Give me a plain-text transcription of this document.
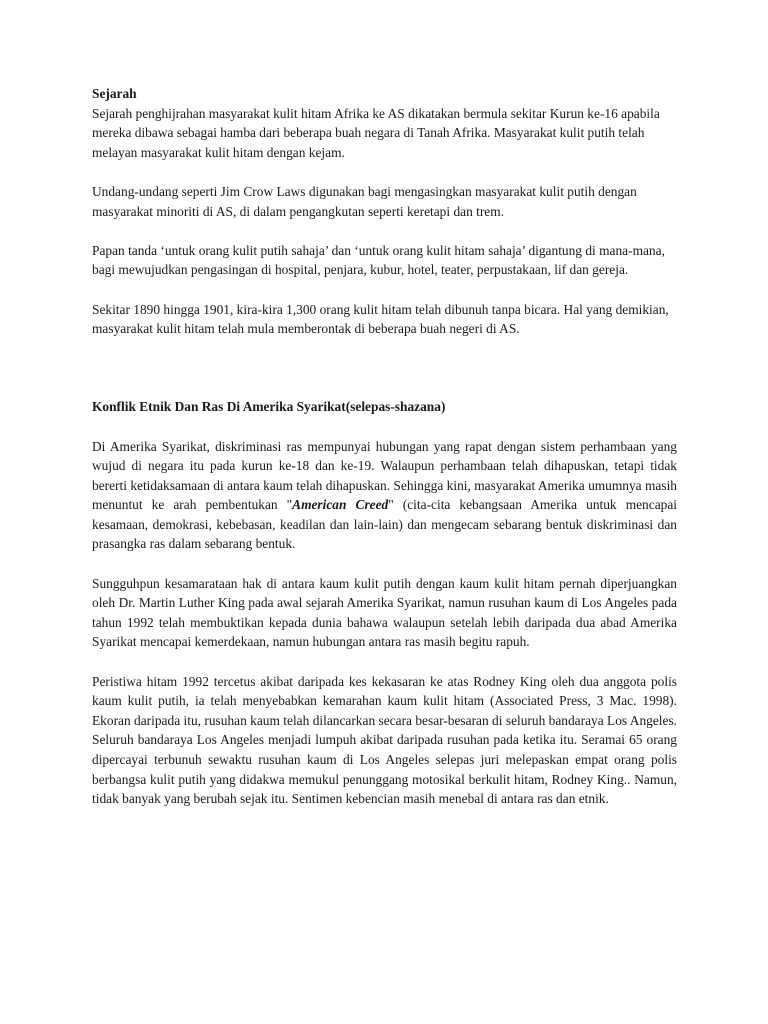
Sejarah

Sejarah penghijrahan masyarakat kulit hitam Afrika ke AS dikatakan bermula sekitar Kurun ke-16 apabila mereka dibawa sebagai hamba dari beberapa buah negara di Tanah Afrika. Masyarakat kulit putih telah melayan masyarakat kulit hitam dengan kejam.

Undang-undang seperti Jim Crow Laws digunakan bagi mengasingkan masyarakat kulit putih dengan masyarakat minoriti di AS, di dalam pengangkutan seperti keretapi dan trem.

Papan tanda ‘untuk orang kulit putih sahaja’ dan ‘untuk orang kulit hitam sahaja’ digantung di mana-mana, bagi mewujudkan pengasingan di hospital, penjara, kubur, hotel, teater, perpustakaan, lif dan gereja.

Sekitar 1890 hingga 1901, kira-kira 1,300 orang kulit hitam telah dibunuh tanpa bicara. Hal yang demikian, masyarakat kulit hitam telah mula memberontak di beberapa buah negeri di AS.

Konflik Etnik Dan Ras Di Amerika Syarikat(selepas-shazana)

Di Amerika Syarikat, diskriminasi ras mempunyai hubungan yang rapat dengan sistem perhambaan yang wujud di negara itu pada kurun ke-18 dan ke-19. Walaupun perhambaan telah dihapuskan, tetapi tidak bererti ketidaksamaan di antara kaum telah dihapuskan. Sehingga kini, masyarakat Amerika umumnya masih menuntut ke arah pembentukan "American Creed" (cita-cita kebangsaan Amerika untuk mencapai kesamaan, demokrasi, kebebasan, keadilan dan lain-lain) dan mengecam sebarang bentuk diskriminasi dan prasangka ras dalam sebarang bentuk.

Sungguhpun kesamarataan hak di antara kaum kulit putih dengan kaum kulit hitam pernah diperjuangkan oleh Dr. Martin Luther King pada awal sejarah Amerika Syarikat, namun rusuhan kaum di Los Angeles pada tahun 1992 telah membuktikan kepada dunia bahawa walaupun setelah lebih daripada dua abad Amerika Syarikat mencapai kemerdekaan, namun hubungan antara ras masih begitu rapuh.

Peristiwa hitam 1992 tercetus akibat daripada kes kekasaran ke atas Rodney King oleh dua anggota polis kaum kulit putih, ia telah menyebabkan kemarahan kaum kulit hitam (Associated Press, 3 Mac. 1998). Ekoran daripada itu, rusuhan kaum telah dilancarkan secara besar-besaran di seluruh bandaraya Los Angeles. Seluruh bandaraya Los Angeles menjadi lumpuh akibat daripada rusuhan pada ketika itu. Seramai 65 orang dipercayai terbunuh sewaktu rusuhan kaum di Los Angeles selepas juri melepaskan empat orang polis berbangsa kulit putih yang didakwa memukul penunggang motosikal berkulit hitam, Rodney King.. Namun, tidak banyak yang berubah sejak itu. Sentimen kebencian masih menebal di antara ras dan etnik.
